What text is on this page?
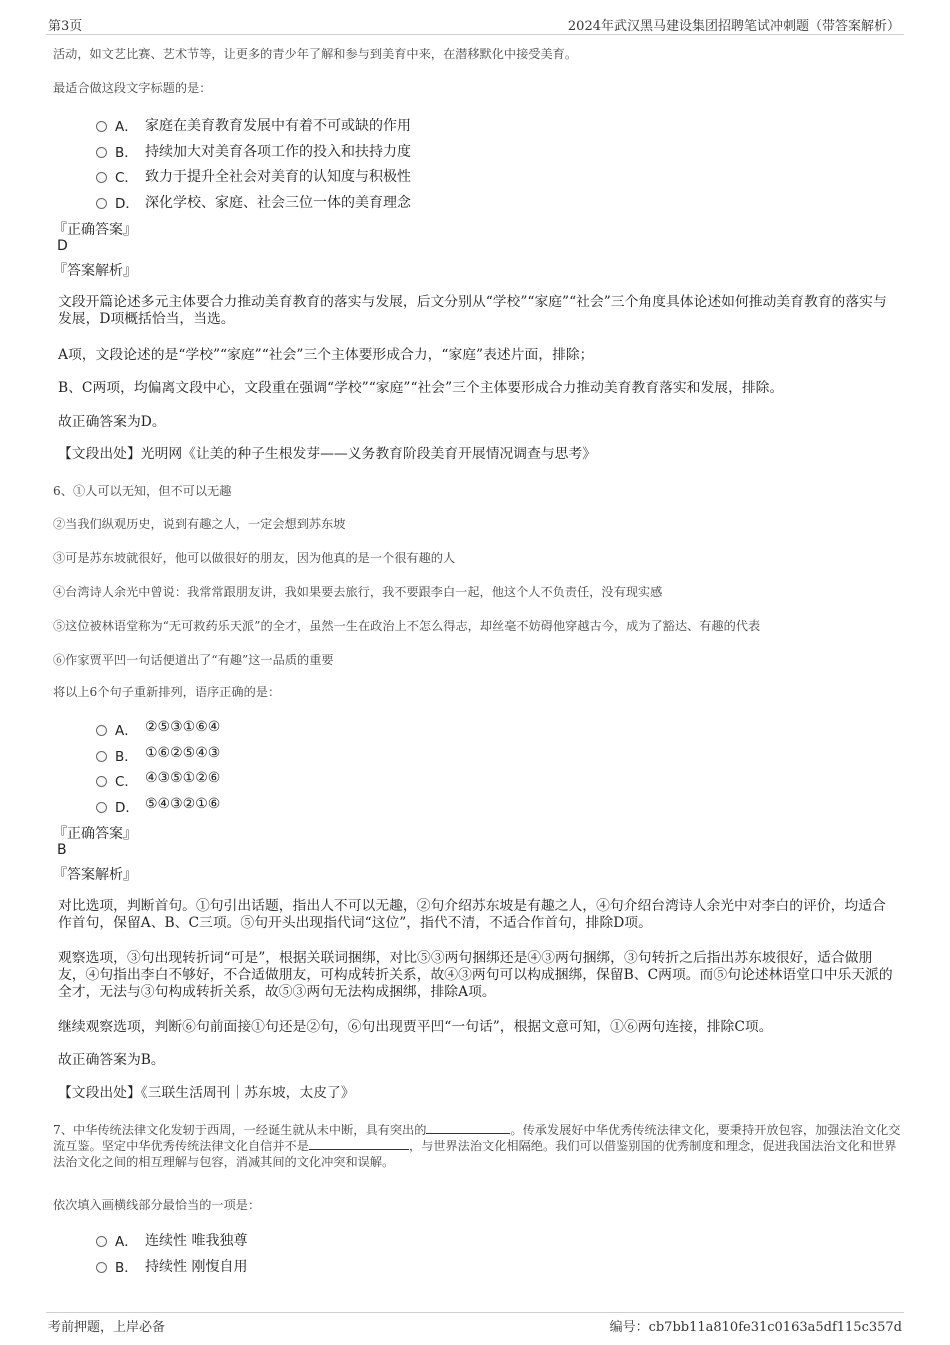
第3页	2024年武汉黑马建设集团招聘笔试冲刺题（带答案解析）
活动，如文艺比赛、艺术节等，让更多的青少年了解和参与到美育中来，在潜移默化中接受美育。
最适合做这段文字标题的是：
A． 家庭在美育教育发展中有着不可或缺的作用
B． 持续加大对美育各项工作的投入和扶持力度
C． 致力于提升全社会对美育的认知度与积极性
D． 深化学校、家庭、社会三位一体的美育理念
『正确答案』
D
『答案解析』
文段开篇论述多元主体要合力推动美育教育的落实与发展，后文分别从“学校”“家庭”“社会”三个角度具体论述如何推动美育教育的落实与发展，D项概括恰当，当选。
A项，文段论述的是“学校”“家庭”“社会”三个主体要形成合力，“家庭”表述片面，排除；
B、C两项，均偏离文段中心，文段重在强调“学校”“家庭”“社会”三个主体要形成合力推动美育教育落实和发展，排除。
故正确答案为D。
【文段出处】光明网《让美的种子生根发芽——义务教育阶段美育开展情况调查与思考》
6、①人可以无知，但不可以无趣
②当我们纵观历史，说到有趣之人，一定会想到苏东坡
③可是苏东坡就很好，他可以做很好的朋友，因为他真的是一个很有趣的人
④台湾诗人余光中曾说：我常常跟朋友讲，我如果要去旅行，我不要跟李白一起，他这个人不负责任，没有现实感
⑤这位被林语堂称为“无可救药乐天派”的全才，虽然一生在政治上不怎么得志，却丝毫不妨碍他穿越古今，成为了豁达、有趣的代表
⑥作家贾平凹一句话便道出了“有趣”这一品质的重要
将以上6个句子重新排列，语序正确的是：
A． ②⑤③①⑥④
B． ①⑥②⑤④③
C． ④③⑤①②⑥
D． ⑤④③②①⑥
『正确答案』
B
『答案解析』
对比选项，判断首句。①句引出话题，指出人不可以无趣，②句介绍苏东坡是有趣之人，④句介绍台湾诗人余光中对李白的评价，均适合作首句，保留A、B、C三项。⑤句开头出现指代词“这位”，指代不清，不适合作首句，排除D项。
观察选项，③句出现转折词“可是”，根据关联词捆绑，对比⑤③两句捆绑还是④③两句捆绑，③句转折之后指出苏东坡很好，适合做朋友，④句指出李白不够好，不合适做朋友，可构成转折关系，故④③两句可以构成捆绑，保留B、C两项。而⑤句论述林语堂口中乐天派的全才，无法与③句构成转折关系，故⑤③两句无法构成捆绑，排除A项。
继续观察选项，判断⑥句前面接①句还是②句，⑥句出现贾平凹“一句话”，根据文意可知，①⑥两句连接，排除C项。
故正确答案为B。
【文段出处】《三联生活周刊｜苏东坡，太皮了》
7、中华传统法律文化发轫于西周，一经诞生就从未中断，具有突出的	。传承发展好中华优秀传统法律文化，要秉持开放包容，加强法治文化交流互鉴。坚定中华优秀传统法律文化自信并不是	，与世界法治文化相隔绝。我们可以借鉴别国的优秀制度和理念，促进我国法治文化和世界法治文化之间的相互理解与包容，消减其间的文化冲突和误解。
依次填入画横线部分最恰当的一项是：
A． 连续性 唯我独尊
B． 持续性 刚愎自用
考前押题，上岸必备	编号：cb7bb11a810fe31c0163a5df115c357d
